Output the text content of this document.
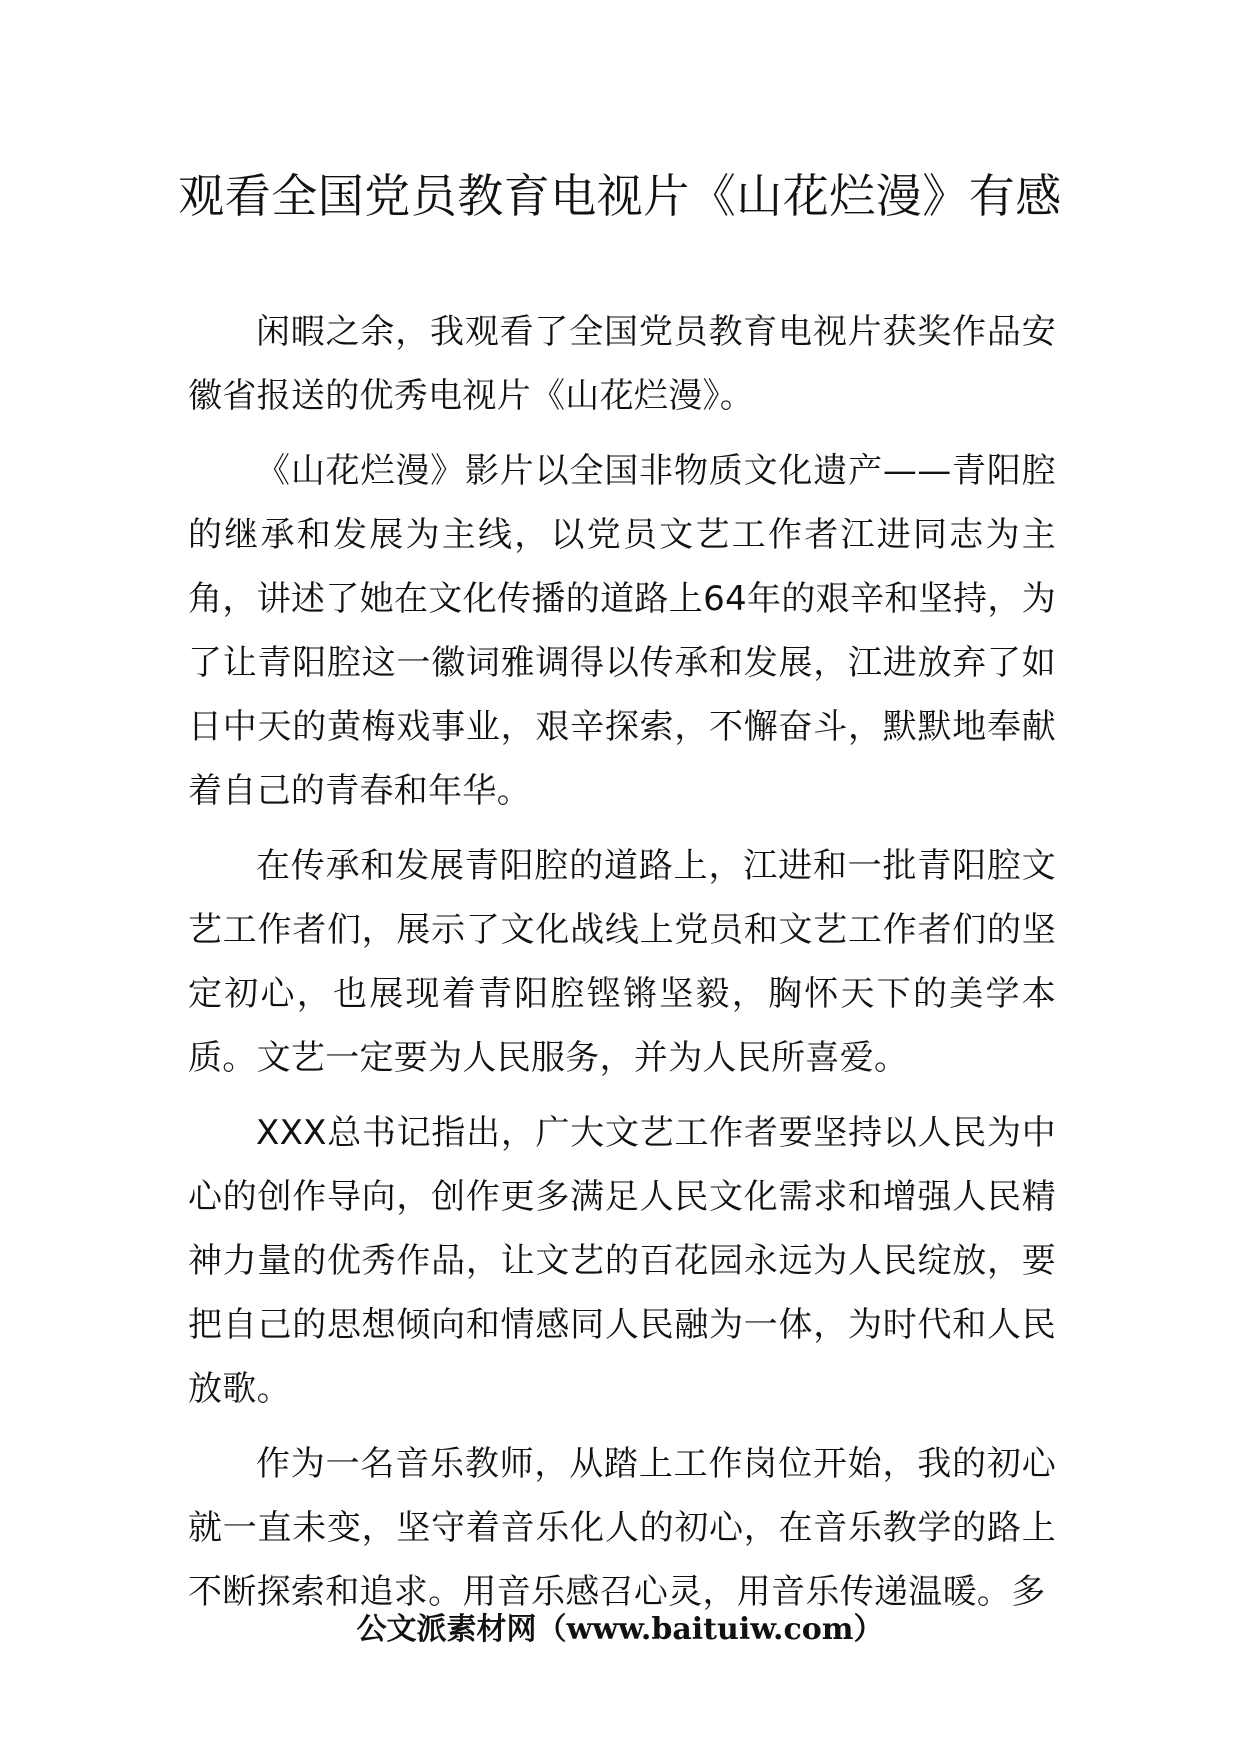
观看全国党员教育电视片《山花烂漫》有感

闲暇之余，我观看了全国党员教育电视片获奖作品安徽省报送的优秀电视片《山花烂漫》。

《山花烂漫》影片以全国非物质文化遗产——青阳腔的继承和发展为主线，以党员文艺工作者江进同志为主角，讲述了她在文化传播的道路上64年的艰辛和坚持，为了让青阳腔这一徽词雅调得以传承和发展，江进放弃了如日中天的黄梅戏事业，艰辛探索，不懈奋斗，默默地奉献着自己的青春和年华。

在传承和发展青阳腔的道路上，江进和一批青阳腔文艺工作者们，展示了文化战线上党员和文艺工作者们的坚定初心，也展现着青阳腔铿锵坚毅，胸怀天下的美学本质。文艺一定要为人民服务，并为人民所喜爱。

XXX总书记指出，广大文艺工作者要坚持以人民为中心的创作导向，创作更多满足人民文化需求和增强人民精神力量的优秀作品，让文艺的百花园永远为人民绽放，要把自己的思想倾向和情感同人民融为一体，为时代和人民放歌。

作为一名音乐教师，从踏上工作岗位开始，我的初心就一直未变，坚守着音乐化人的初心，在音乐教学的路上不断探索和追求。用音乐感召心灵，用音乐传递温暖。多

公文派素材网（www.baituiw.com）
